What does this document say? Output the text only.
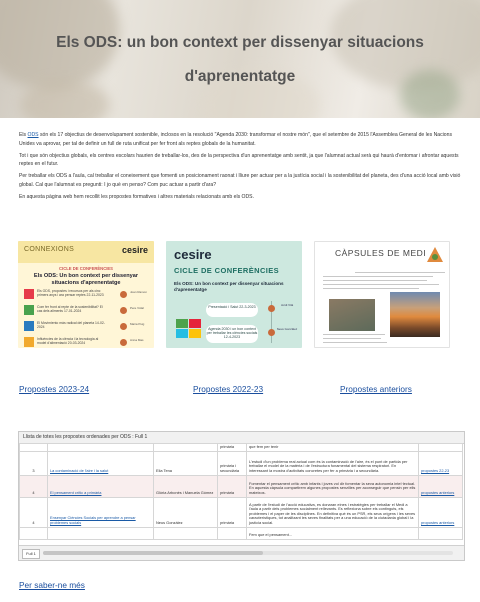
Els ODS: un bon context per dissenyar situacions d'aprenentatge

Els ODS són els 17 objectius de desenvolupament sostenible, inclosos en la resolució "Agenda 2030: transformar el nostre món", que el setembre de 2015 l'Assemblea General de les Nacions Unides va aprovar, per tal de definir un full de ruta unificat per fer front als reptes globals de la humanitat.

Tot i que són objectius globals, els centres escolars haurien de treballar-los, des de la perspectiva d'un aprenentatge amb sentit, ja que l'alumnat actual serà qui haurà d'entomar i afrontar aquests reptes en el futur.

Per treballar els ODS a l'aula, cal treballar el coneixement que fomenti un posicionament raonat i lliure per actuar per a la justícia social i la sostenibilitat del planeta, des d'una acció local amb visió global. Cal que l'alumnat es pregunti: I jo què en penso? Com puc actuar a partir d'ara?

En aquesta pàgina web hem recollit les propostes formatives i altres materials relacionats amb els ODS.

CONNEXIONS	cesire
CICLE DE CONFERÈNCIES
Els ODS: Un bon context per dissenyar situacions d'aprenentatge
Els ODS, propostes i recursos per als cinc primers anys i ara pensar reptes 22-11-2023
Joan Ramon
Com fer front al repte de la sostenibilitat? El cas dels aliments 17-01-2024
Pere Vidal
El Movimiento más radical del planeta 14-02-2024
Maria Puig
Influències de la ciència i la tecnologia al model d'alimentació 20-03-2024
Anna Mas
Propostes 2023-24
cesire
CICLE DE CONFERÈNCIES
Els ODS: Un bon context per dissenyar situacions d'aprenentatge
Presentació i Salut 22-3-2023	Jordi Vilà
Agenda 2030 i un bon context per treballar les ciències socials 12-4-2023
Neus González
Propostes 2022-23
CÀPSULES DE MEDI
Propostes anteriors
Llista de totes les propostes ordenades per ODS : Full 1
			primària	que fem per tenir	
3	La contaminació de l'aire i la salut	Elia Tena	primària i secundària	L'estudi d'un problema real actual com és la contaminació de l'aire, és el punt de partida per treballar el model de la matèria i de l'estructura fonamental del sistema respiratori. En interessant la mostra d'activitats concretes per fer a primària i a secundària.	propostes 22-23
4	El pensament crític a primària	Glòria Arbonès i Manuela Gómez	primària	Fomentar el pensament crític amb infants i joves vol dir fomentar la seva autonomia intel·lectual. En aquesta càpsula compartirem algunes propostes senzilles per aconseguir que pensin per ells mateixos.	propostes anteriors
4	Ensenyar Ciències Socials per aprendre a pensar problemes socials	Neus González	primària	A partir de l'estudi de l'acció educativa, es donaran eines i estratègies per treballar el Medi a l'aula a partir dels problemes socialment rellevants. Es reflexiona sobre els continguts, els problemes i el paper de les disciplines. En definitiva què és un PSR, els seus orígens i les seves característiques, tot analitzant les seves finalitats per a una educació de la ciutadania global i la justícia social.	propostes anteriors
				Fem que el pensament...	
Full 1
Per saber-ne més
